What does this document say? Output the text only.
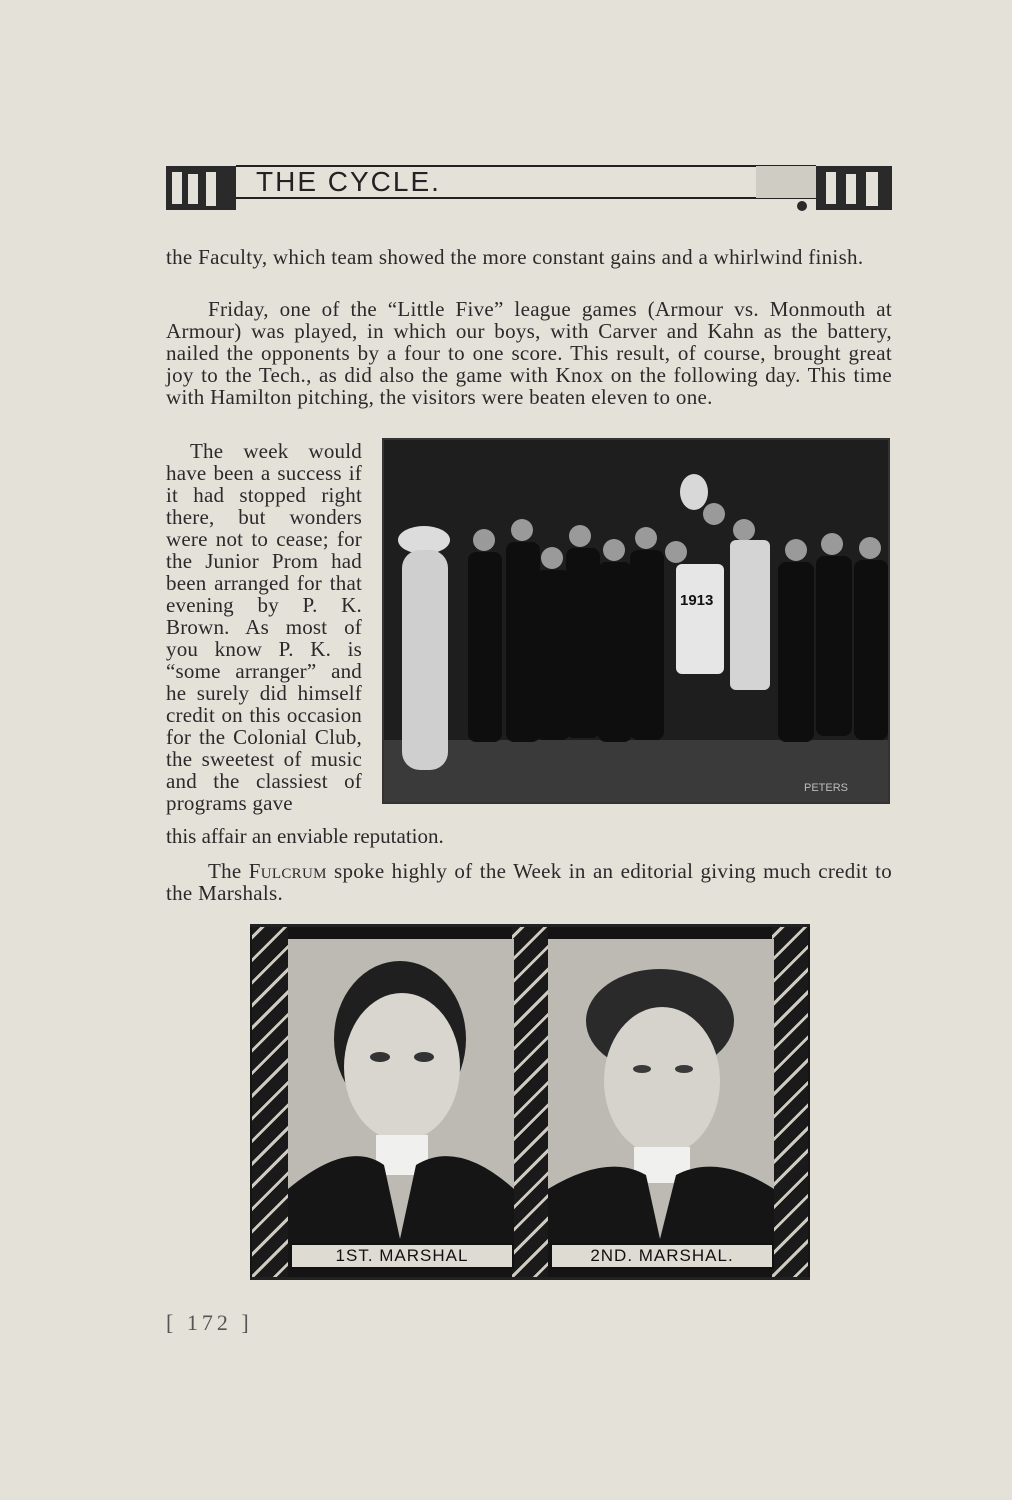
THE CYCLE.
the Faculty, which team showed the more constant gains and a whirlwind finish.
Friday, one of the “Little Five” league games (Armour vs. Monmouth at Armour) was played, in which our boys, with Carver and Kahn as the battery, nailed the opponents by a four to one score. This result, of course, brought great joy to the Tech., as did also the game with Knox on the following day. This time with Hamilton pitching, the visitors were beaten eleven to one.
The week would have been a success if it had stopped right there, but wonders were not to cease; for the Junior Prom had been arranged for that evening by P. K. Brown. As most of you know P. K. is “some arranger” and he surely did himself credit on this occasion for the Colonial Club, the sweetest of music and the classiest of programs gave
this affair an enviable reputation.
1913
PETERS
The Fulcrum spoke highly of the Week in an editorial giving much credit to the Marshals.
1ST. MARSHAL	2ND. MARSHAL.
[ 172 ]
